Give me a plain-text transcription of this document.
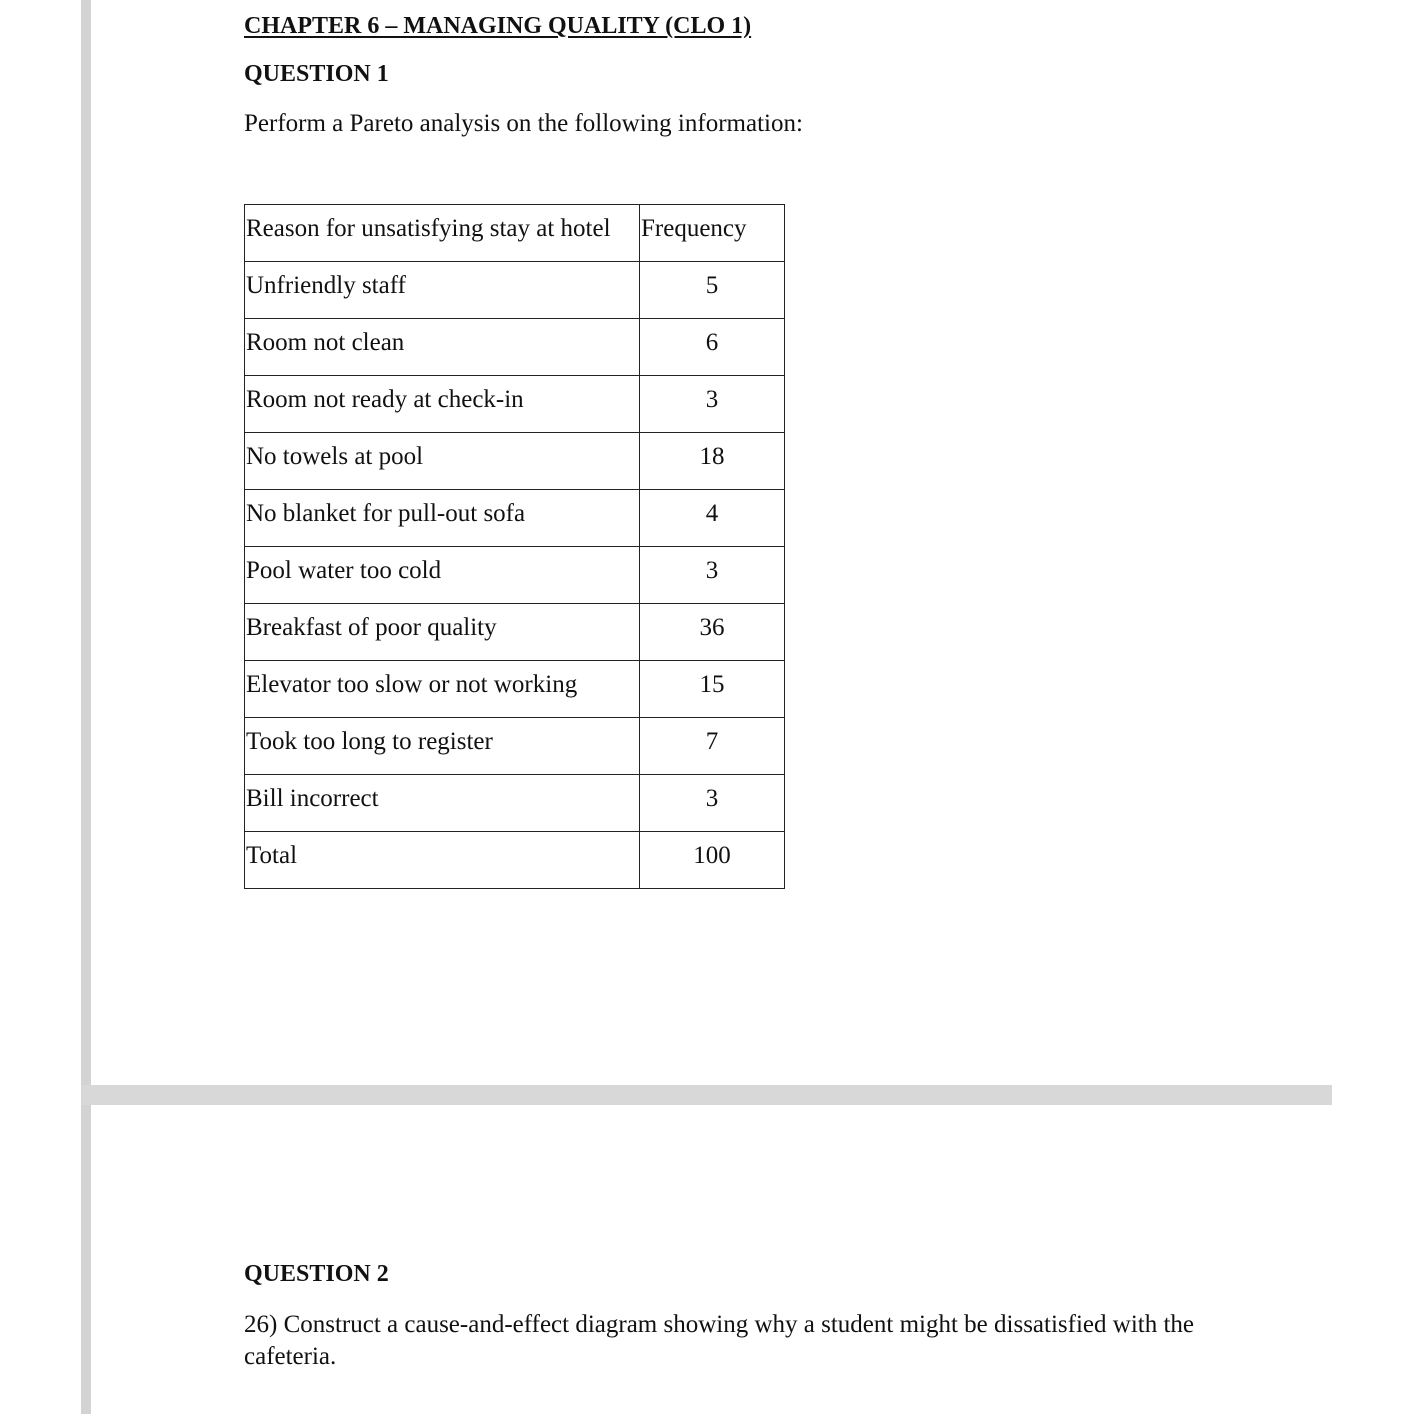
CHAPTER 6 – MANAGING QUALITY (CLO 1)
QUESTION 1

Perform a Pareto analysis on the following information:

Reason for unsatisfying stay at hotel	Frequency
Unfriendly staff	5
Room not clean	6
Room not ready at check-in	3
No towels at pool	18
No blanket for pull-out sofa	4
Pool water too cold	3
Breakfast of poor quality	36
Elevator too slow or not working	15
Took too long to register	7
Bill incorrect	3
Total	100
QUESTION 2

26) Construct a cause-and-effect diagram showing why a student might be dissatisfied with the cafeteria.
